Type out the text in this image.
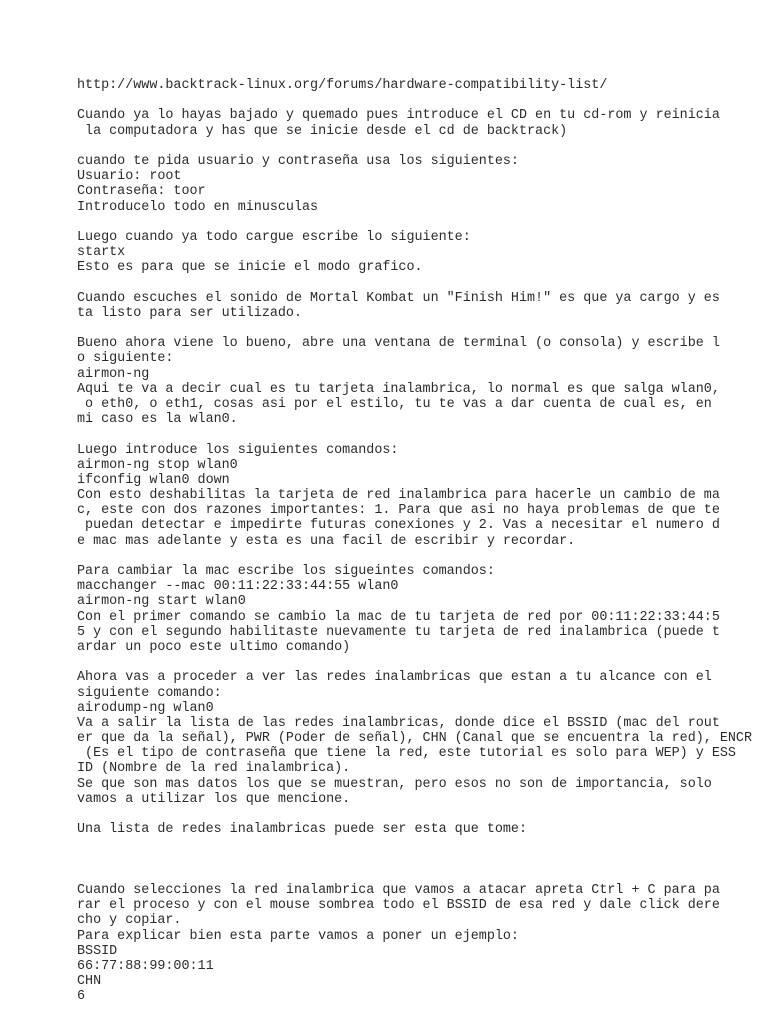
http://www.backtrack-linux.org/forums/hardware-compatibility-list/
Cuando ya lo hayas bajado y quemado pues introduce el CD en tu cd-rom y reinicia
la computadora y has que se inicie desde el cd de backtrack)
cuando te pida usuario y contraseña usa los siguientes:
Usuario: root
Contraseña: toor
Introducelo todo en minusculas
Luego cuando ya todo cargue escribe lo siguiente:
startx
Esto es para que se inicie el modo grafico.
Cuando escuches el sonido de Mortal Kombat un "Finish Him!" es que ya cargo y es
ta listo para ser utilizado.
Bueno ahora viene lo bueno, abre una ventana de terminal (o consola) y escribe l
o siguiente:
airmon-ng
Aqui te va a decir cual es tu tarjeta inalambrica, lo normal es que salga wlan0,
o eth0, o eth1, cosas asi por el estilo, tu te vas a dar cuenta de cual es, en
mi caso es la wlan0.
Luego introduce los siguientes comandos:
airmon-ng stop wlan0
ifconfig wlan0 down
Con esto deshabilitas la tarjeta de red inalambrica para hacerle un cambio de ma
c, este con dos razones importantes: 1. Para que asi no haya problemas de que te
puedan detectar e impedirte futuras conexiones y 2. Vas a necesitar el numero d
e mac mas adelante y esta es una facil de escribir y recordar.
Para cambiar la mac escribe los sigueintes comandos:
macchanger --mac 00:11:22:33:44:55 wlan0
airmon-ng start wlan0
Con el primer comando se cambio la mac de tu tarjeta de red por 00:11:22:33:44:5
5 y con el segundo habilitaste nuevamente tu tarjeta de red inalambrica (puede t
ardar un poco este ultimo comando)
Ahora vas a proceder a ver las redes inalambricas que estan a tu alcance con el
siguiente comando:
airodump-ng wlan0
Va a salir la lista de las redes inalambricas, donde dice el BSSID (mac del rout
er que da la señal), PWR (Poder de señal), CHN (Canal que se encuentra la red), ENCR
(Es el tipo de contraseña que tiene la red, este tutorial es solo para WEP) y ESS
ID (Nombre de la red inalambrica).
Se que son mas datos los que se muestran, pero esos no son de importancia, solo
vamos a utilizar los que mencione.
Una lista de redes inalambricas puede ser esta que tome:
Cuando selecciones la red inalambrica que vamos a atacar apreta Ctrl + C para pa
rar el proceso y con el mouse sombrea todo el BSSID de esa red y dale click dere
cho y copiar.
Para explicar bien esta parte vamos a poner un ejemplo:
BSSID
66:77:88:99:00:11
CHN
6
